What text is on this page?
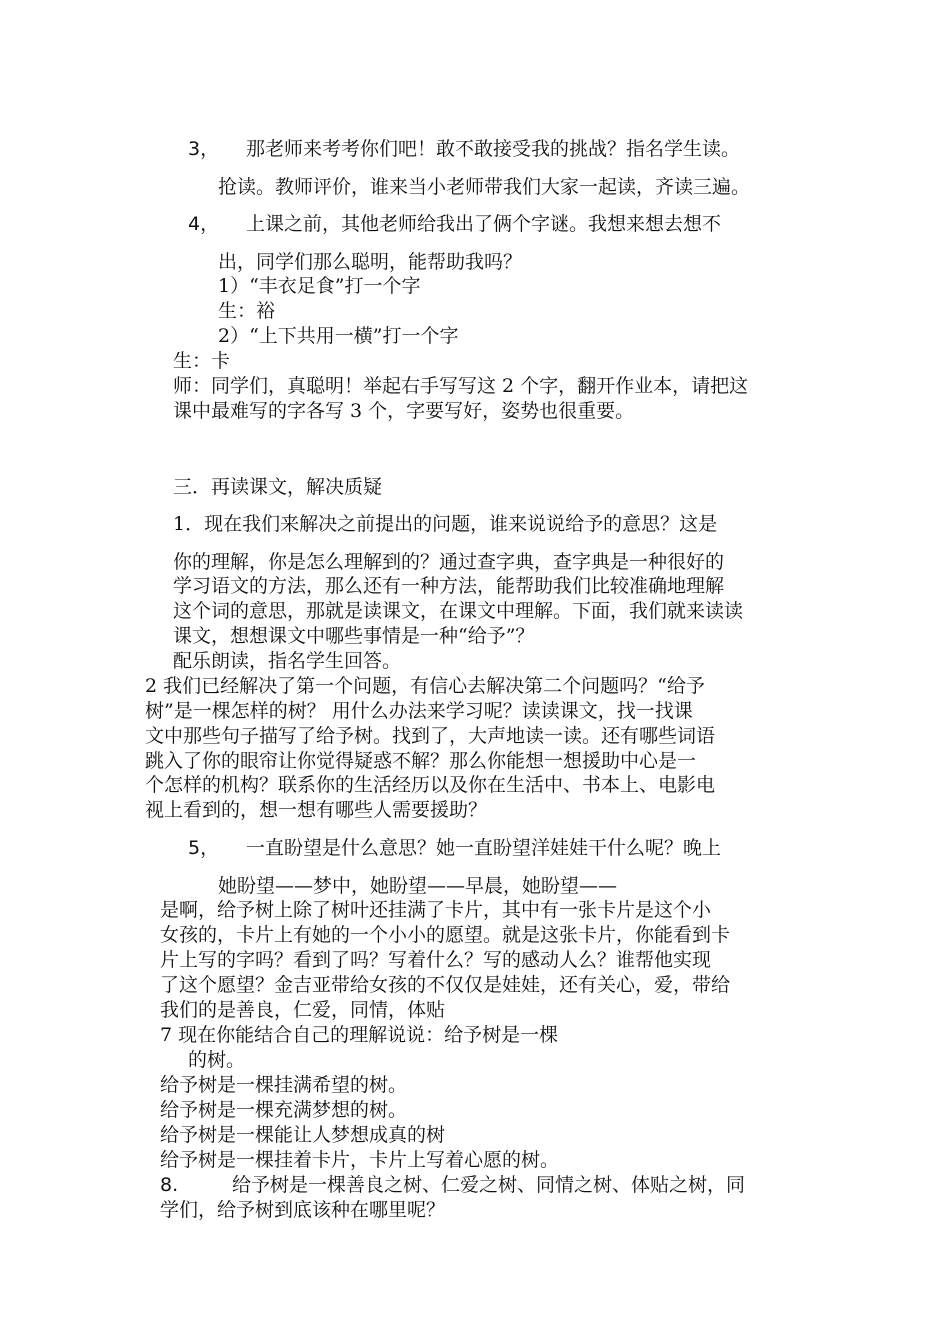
3， 那老师来考考你们吧！敢不敢接受我的挑战？指名学生读。

抢读。教师评价，谁来当小老师带我们大家一起读，齐读三遍。

4， 上课之前，其他老师给我出了俩个字谜。我想来想去想不

出，同学们那么聪明，能帮助我吗？

1）“丰衣足食”打一个字

生：裕

2）“上下共用一横”打一个字

生：卡

师：同学们，真聪明！举起右手写写这 2 个字，翻开作业本，请把这

课中最难写的字各写 3 个，字要写好，姿势也很重要。

三．再读课文，解决质疑

1．现在我们来解决之前提出的问题，谁来说说给予的意思？这是

你的理解，你是怎么理解到的？通过查字典，查字典是一种很好的

学习语文的方法，那么还有一种方法，能帮助我们比较准确地理解

这个词的意思，那就是读课文，在课文中理解。下面，我们就来读读

课文，想想课文中哪些事情是一种“给予”？

配乐朗读，指名学生回答。

2 我们已经解决了第一个问题，有信心去解决第二个问题吗？“给予

树”是一棵怎样的树？ 用什么办法来学习呢？读读课文，找一找课

文中那些句子描写了给予树。找到了，大声地读一读。还有哪些词语

跳入了你的眼帘让你觉得疑惑不解？那么你能想一想援助中心是一

个怎样的机构？联系你的生活经历以及你在生活中、书本上、电影电

视上看到的，想一想有哪些人需要援助？

5， 一直盼望是什么意思？她一直盼望洋娃娃干什么呢？晚上

她盼望——梦中，她盼望——早晨，她盼望——

是啊，给予树上除了树叶还挂满了卡片，其中有一张卡片是这个小

女孩的，卡片上有她的一个小小的愿望。就是这张卡片，你能看到卡

片上写的字吗？看到了吗？写着什么？写的感动人么？谁帮他实现

了这个愿望？金吉亚带给女孩的不仅仅是娃娃，还有关心，爱，带给

我们的是善良，仁爱，同情，体贴

7 现在你能结合自己的理解说说：给予树是一棵

的树。

给予树是一棵挂满希望的树。

给予树是一棵充满梦想的树。

给予树是一棵能让人梦想成真的树

给予树是一棵挂着卡片，卡片上写着心愿的树。

8.	给予树是一棵善良之树、仁爱之树、同情之树、体贴之树，同

学们，给予树到底该种在哪里呢？
